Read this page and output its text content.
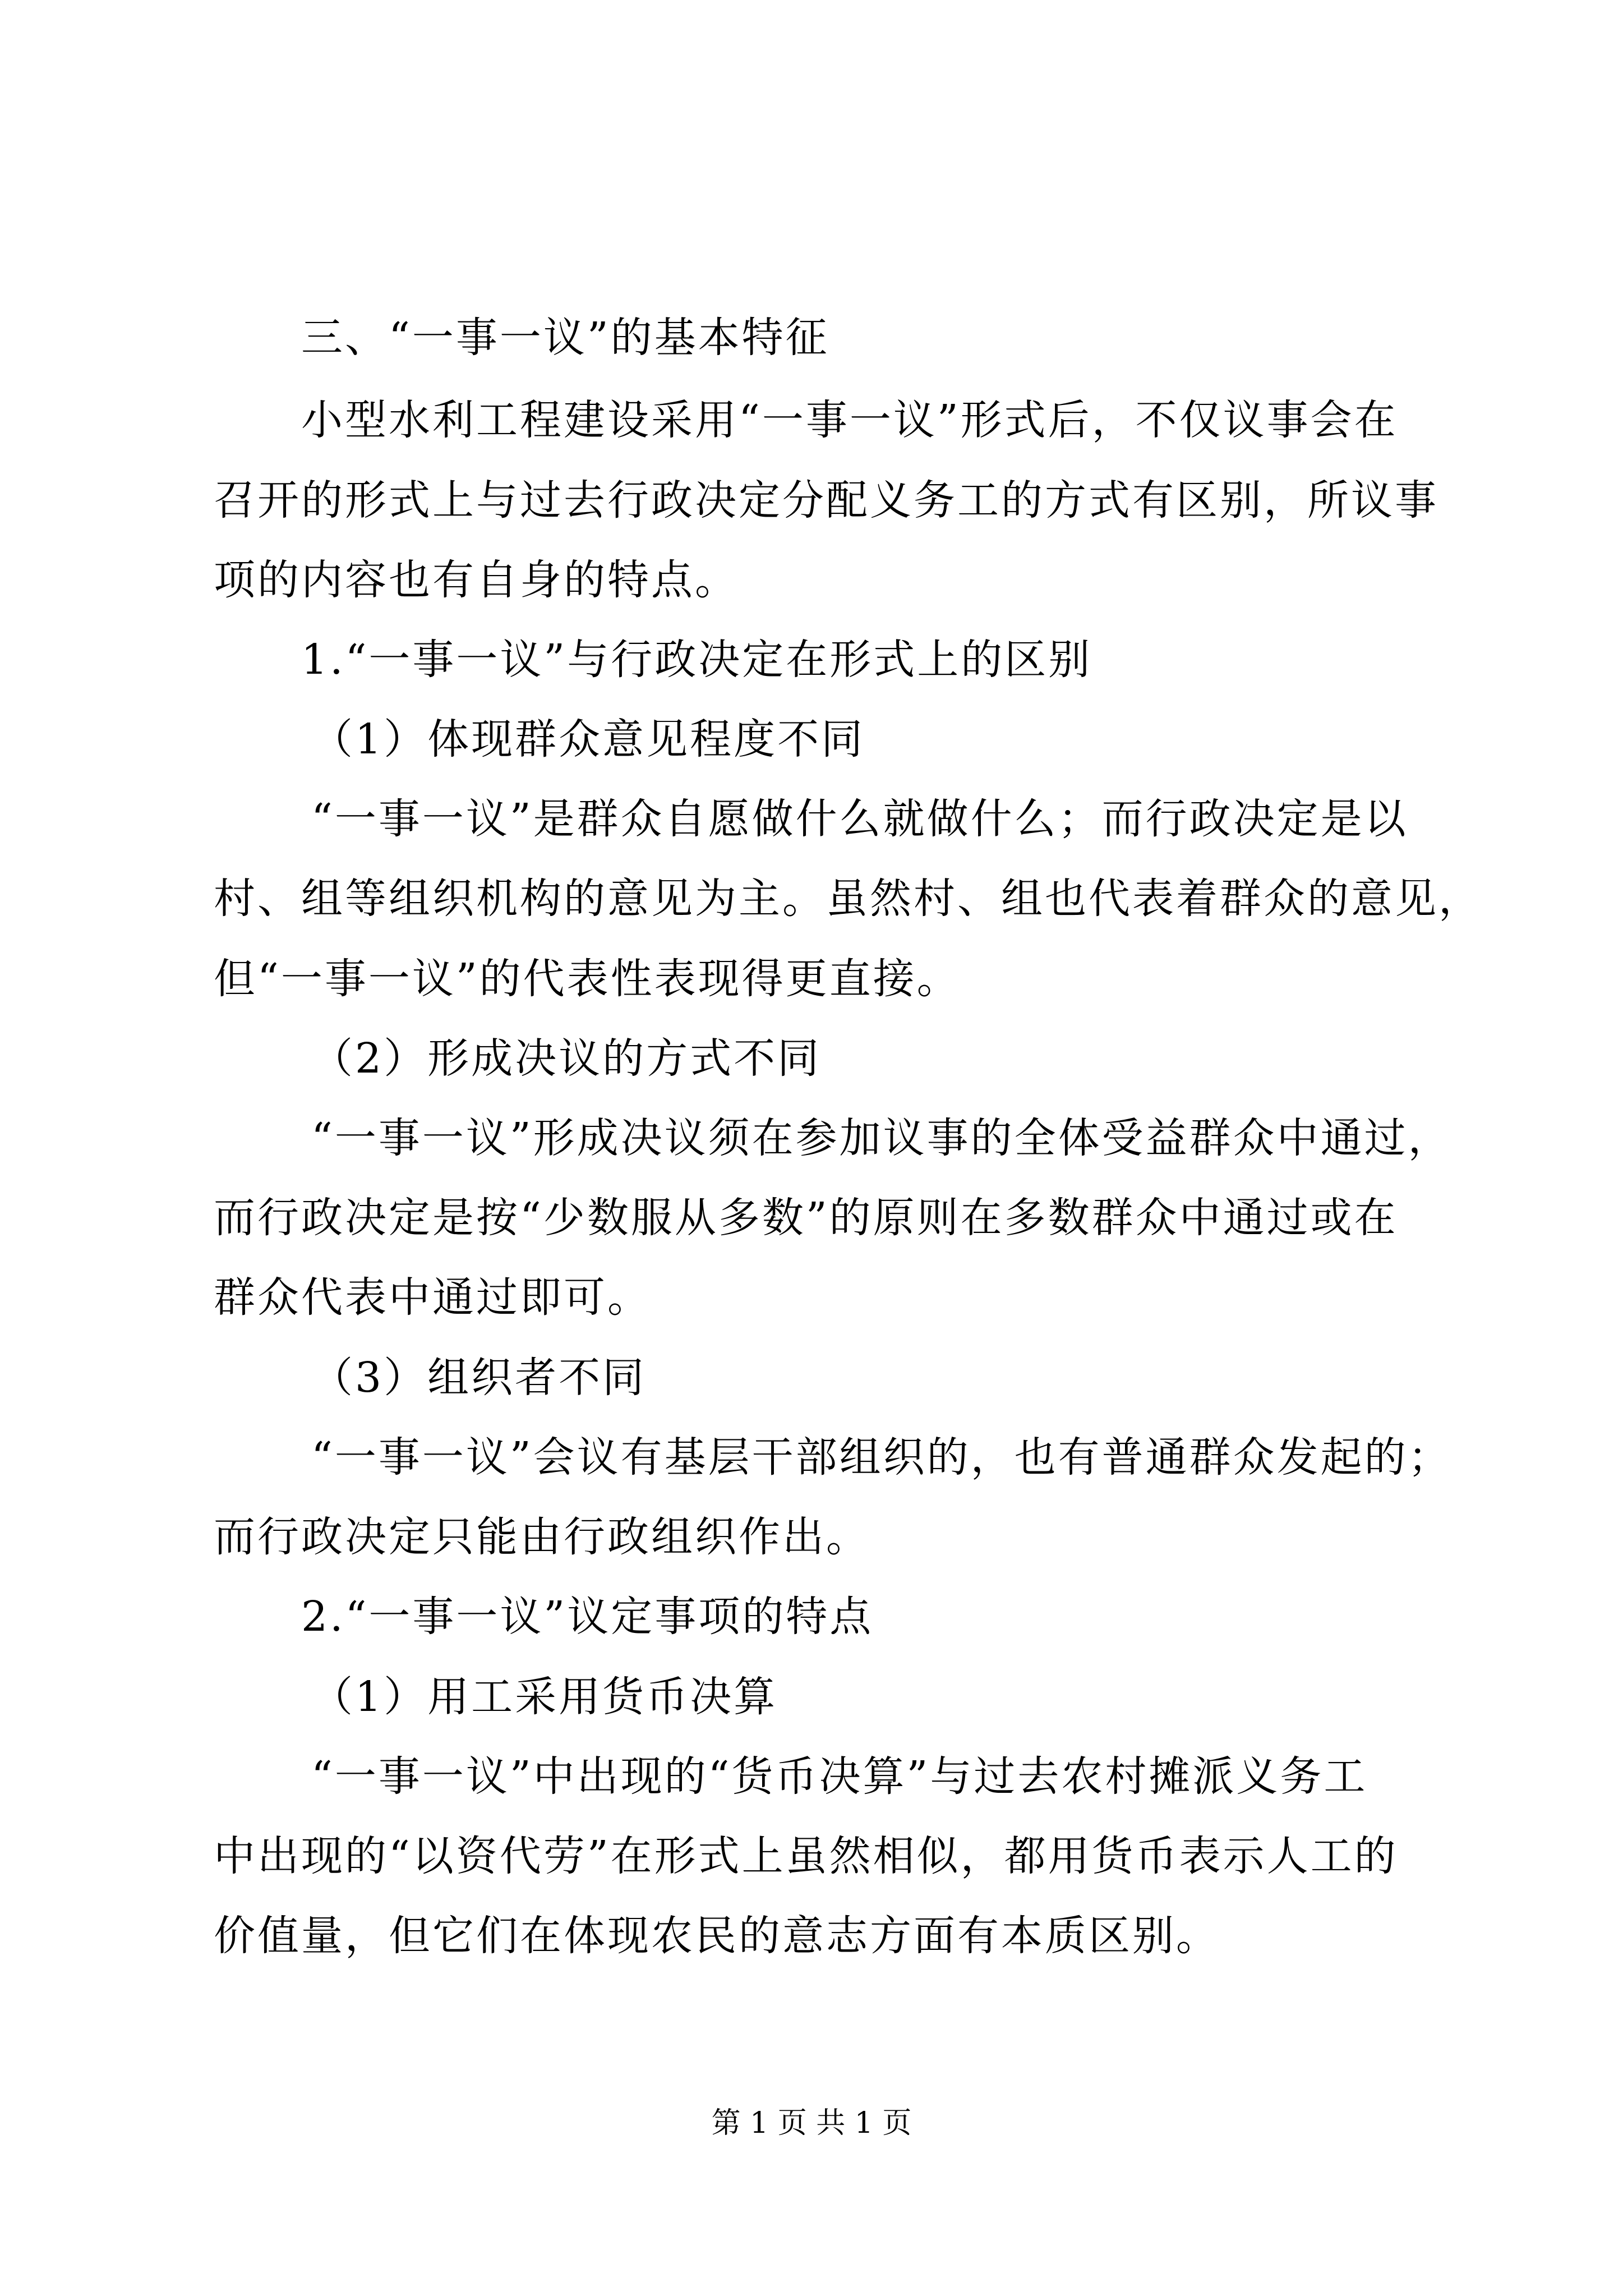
三、“一事一议”的基本特征
小型水利工程建设采用“一事一议”形式后，不仅议事会在
召开的形式上与过去行政决定分配义务工的方式有区别，所议事
项的内容也有自身的特点。
1.“一事一议”与行政决定在形式上的区别
（1）体现群众意见程度不同
“一事一议”是群众自愿做什么就做什么；而行政决定是以
村、组等组织机构的意见为主。虽然村、组也代表着群众的意见，
但“一事一议”的代表性表现得更直接。
（2）形成决议的方式不同
“一事一议”形成决议须在参加议事的全体受益群众中通过，
而行政决定是按“少数服从多数”的原则在多数群众中通过或在
群众代表中通过即可。
（3）组织者不同
“一事一议”会议有基层干部组织的，也有普通群众发起的；
而行政决定只能由行政组织作出。
2.“一事一议”议定事项的特点
（1）用工采用货币决算
“一事一议”中出现的“货币决算”与过去农村摊派义务工
中出现的“以资代劳”在形式上虽然相似，都用货币表示人工的
价值量，但它们在体现农民的意志方面有本质区别。
第 1 页 共 1 页
